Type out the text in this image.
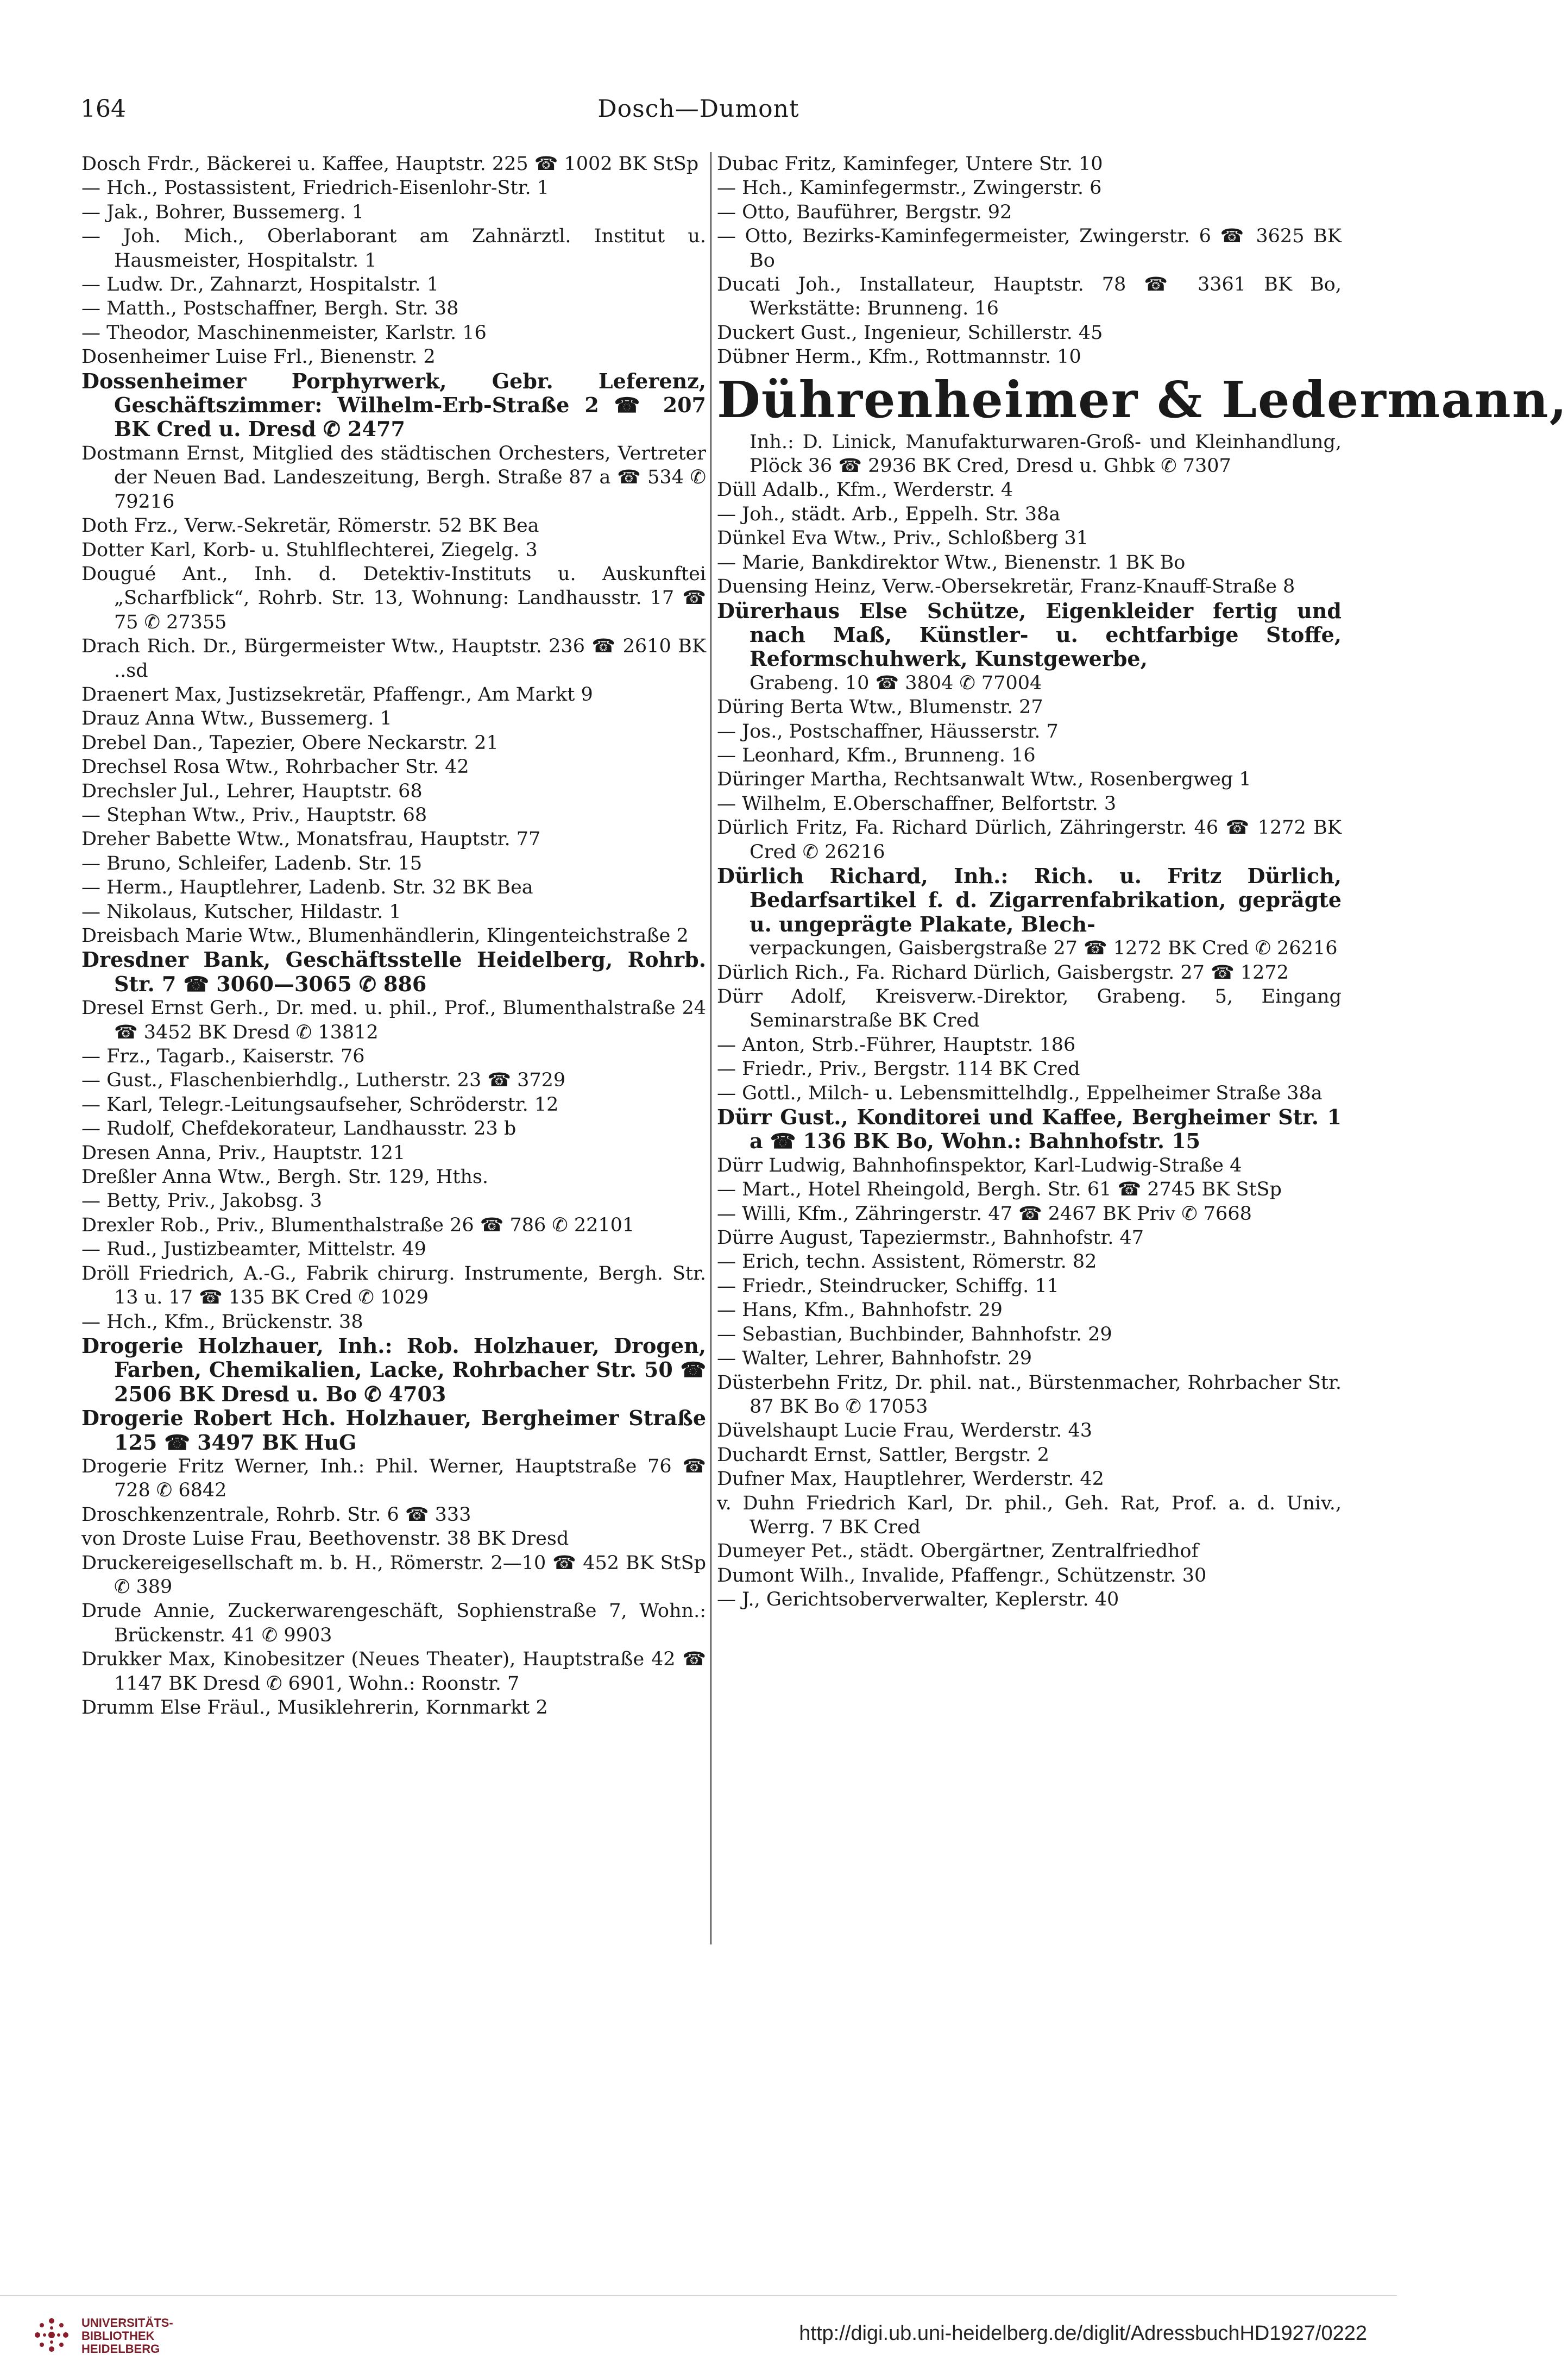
164	Dosch—Dumont

Dosch Frdr., Bäckerei u. Kaffee, Hauptstr. 225 ☎ 1002 BK StSp

— Hch., Postassistent, Friedrich-Eisenlohr-Str. 1

— Jak., Bohrer, Bussemerg. 1

— Joh. Mich., Oberlaborant am Zahnärztl. Institut u. Hausmeister, Hospitalstr. 1

— Ludw. Dr., Zahnarzt, Hospitalstr. 1

— Matth., Postschaffner, Bergh. Str. 38

— Theodor, Maschinenmeister, Karlstr. 16

Dosenheimer Luise Frl., Bienenstr. 2

Dossenheimer Porphyrwerk, Gebr. Leferenz, Geschäftszimmer: Wilhelm-Erb-Straße 2 ☎ 207 BK Cred u. Dresd ✆ 2477

Dostmann Ernst, Mitglied des städtischen Orchesters, Vertreter der Neuen Bad. Landeszeitung, Bergh. Straße 87 a ☎ 534 ✆ 79216

Doth Frz., Verw.-Sekretär, Römerstr. 52 BK Bea

Dotter Karl, Korb- u. Stuhlflechterei, Ziegelg. 3

Dougué Ant., Inh. d. Detektiv-Instituts u. Auskunftei „Scharfblick“, Rohrb. Str. 13, Wohnung: Landhausstr. 17 ☎ 75 ✆ 27355

Drach Rich. Dr., Bürgermeister Wtw., Hauptstr. 236 ☎ 2610 BK ..sd

Draenert Max, Justizsekretär, Pfaffengr., Am Markt 9

Drauz Anna Wtw., Bussemerg. 1

Drebel Dan., Tapezier, Obere Neckarstr. 21

Drechsel Rosa Wtw., Rohrbacher Str. 42

Drechsler Jul., Lehrer, Hauptstr. 68

— Stephan Wtw., Priv., Hauptstr. 68

Dreher Babette Wtw., Monatsfrau, Hauptstr. 77

— Bruno, Schleifer, Ladenb. Str. 15

— Herm., Hauptlehrer, Ladenb. Str. 32 BK Bea

— Nikolaus, Kutscher, Hildastr. 1

Dreisbach Marie Wtw., Blumenhändlerin, Klingenteichstraße 2

Dresdner Bank, Geschäftsstelle Heidelberg, Rohrb. Str. 7 ☎ 3060—3065 ✆ 886

Dresel Ernst Gerh., Dr. med. u. phil., Prof., Blumenthalstraße 24 ☎ 3452 BK Dresd ✆ 13812

— Frz., Tagarb., Kaiserstr. 76

— Gust., Flaschenbierhdlg., Lutherstr. 23 ☎ 3729

— Karl, Telegr.-Leitungsaufseher, Schröderstr. 12

— Rudolf, Chefdekorateur, Landhausstr. 23 b

Dresen Anna, Priv., Hauptstr. 121

Dreßler Anna Wtw., Bergh. Str. 129, Hths.

— Betty, Priv., Jakobsg. 3

Drexler Rob., Priv., Blumenthalstraße 26 ☎ 786 ✆ 22101

— Rud., Justizbeamter, Mittelstr. 49

Dröll Friedrich, A.-G., Fabrik chirurg. Instrumente, Bergh. Str. 13 u. 17 ☎ 135 BK Cred ✆ 1029

— Hch., Kfm., Brückenstr. 38

Drogerie Holzhauer, Inh.: Rob. Holzhauer, Drogen, Farben, Chemikalien, Lacke, Rohrbacher Str. 50 ☎ 2506 BK Dresd u. Bo ✆ 4703

Drogerie Robert Hch. Holzhauer, Bergheimer Straße 125 ☎ 3497 BK HuG

Drogerie Fritz Werner, Inh.: Phil. Werner, Hauptstraße 76 ☎ 728 ✆ 6842

Droschkenzentrale, Rohrb. Str. 6 ☎ 333

von Droste Luise Frau, Beethovenstr. 38 BK Dresd

Druckereigesellschaft m. b. H., Römerstr. 2—10 ☎ 452 BK StSp ✆ 389

Drude Annie, Zuckerwarengeschäft, Sophienstraße 7, Wohn.: Brückenstr. 41 ✆ 9903

Drukker Max, Kinobesitzer (Neues Theater), Hauptstraße 42 ☎ 1147 BK Dresd ✆ 6901, Wohn.: Roonstr. 7

Drumm Else Fräul., Musiklehrerin, Kornmarkt 2

Dubac Fritz, Kaminfeger, Untere Str. 10

— Hch., Kaminfegermstr., Zwingerstr. 6

— Otto, Bauführer, Bergstr. 92

— Otto, Bezirks-Kaminfegermeister, Zwingerstr. 6 ☎ 3625 BK Bo

Ducati Joh., Installateur, Hauptstr. 78 ☎ 3361 BK Bo, Werkstätte: Brunneng. 16

Duckert Gust., Ingenieur, Schillerstr. 45

Dübner Herm., Kfm., Rottmannstr. 10

Dührenheimer & Ledermann,

Inh.: D. Linick, Manufakturwaren-Groß- und Kleinhandlung, Plöck 36 ☎ 2936 BK Cred, Dresd u. Ghbk ✆ 7307

Düll Adalb., Kfm., Werderstr. 4

— Joh., städt. Arb., Eppelh. Str. 38a

Dünkel Eva Wtw., Priv., Schloßberg 31

— Marie, Bankdirektor Wtw., Bienenstr. 1 BK Bo

Duensing Heinz, Verw.-Obersekretär, Franz-Knauff-Straße 8

Dürerhaus Else Schütze, Eigenkleider fertig und nach Maß, Künstler- u. echtfarbige Stoffe, Reformschuhwerk, Kunstgewerbe,

Grabeng. 10 ☎ 3804 ✆ 77004

Düring Berta Wtw., Blumenstr. 27

— Jos., Postschaffner, Häusserstr. 7

— Leonhard, Kfm., Brunneng. 16

Düringer Martha, Rechtsanwalt Wtw., Rosenbergweg 1

— Wilhelm, E.Oberschaffner, Belfortstr. 3

Dürlich Fritz, Fa. Richard Dürlich, Zähringerstr. 46 ☎ 1272 BK Cred ✆ 26216

Dürlich Richard, Inh.: Rich. u. Fritz Dürlich, Bedarfsartikel f. d. Zigarrenfabrikation, geprägte u. ungeprägte Plakate, Blech-

verpackungen, Gaisbergstraße 27 ☎ 1272 BK Cred ✆ 26216

Dürlich Rich., Fa. Richard Dürlich, Gaisbergstr. 27 ☎ 1272

Dürr Adolf, Kreisverw.-Direktor, Grabeng. 5, Eingang Seminarstraße BK Cred

— Anton, Strb.-Führer, Hauptstr. 186

— Friedr., Priv., Bergstr. 114 BK Cred

— Gottl., Milch- u. Lebensmittelhdlg., Eppelheimer Straße 38a

Dürr Gust., Konditorei und Kaffee, Bergheimer Str. 1 a ☎ 136 BK Bo, Wohn.: Bahnhofstr. 15

Dürr Ludwig, Bahnhofinspektor, Karl-Ludwig-Straße 4

— Mart., Hotel Rheingold, Bergh. Str. 61 ☎ 2745 BK StSp

— Willi, Kfm., Zähringerstr. 47 ☎ 2467 BK Priv ✆ 7668

Dürre August, Tapeziermstr., Bahnhofstr. 47

— Erich, techn. Assistent, Römerstr. 82

— Friedr., Steindrucker, Schiffg. 11

— Hans, Kfm., Bahnhofstr. 29

— Sebastian, Buchbinder, Bahnhofstr. 29

— Walter, Lehrer, Bahnhofstr. 29

Düsterbehn Fritz, Dr. phil. nat., Bürstenmacher, Rohrbacher Str. 87 BK Bo ✆ 17053

Düvelshaupt Lucie Frau, Werderstr. 43

Duchardt Ernst, Sattler, Bergstr. 2

Dufner Max, Hauptlehrer, Werderstr. 42

v. Duhn Friedrich Karl, Dr. phil., Geh. Rat, Prof. a. d. Univ., Werrg. 7 BK Cred

Dumeyer Pet., städt. Obergärtner, Zentralfriedhof

Dumont Wilh., Invalide, Pfaffengr., Schützenstr. 30

— J., Gerichtsoberverwalter, Keplerstr. 40

UNIVERSITÄTS-
BIBLIOTHEK
HEIDELBERG
http://digi.ub.uni-heidelberg.de/diglit/AdressbuchHD1927/0222
